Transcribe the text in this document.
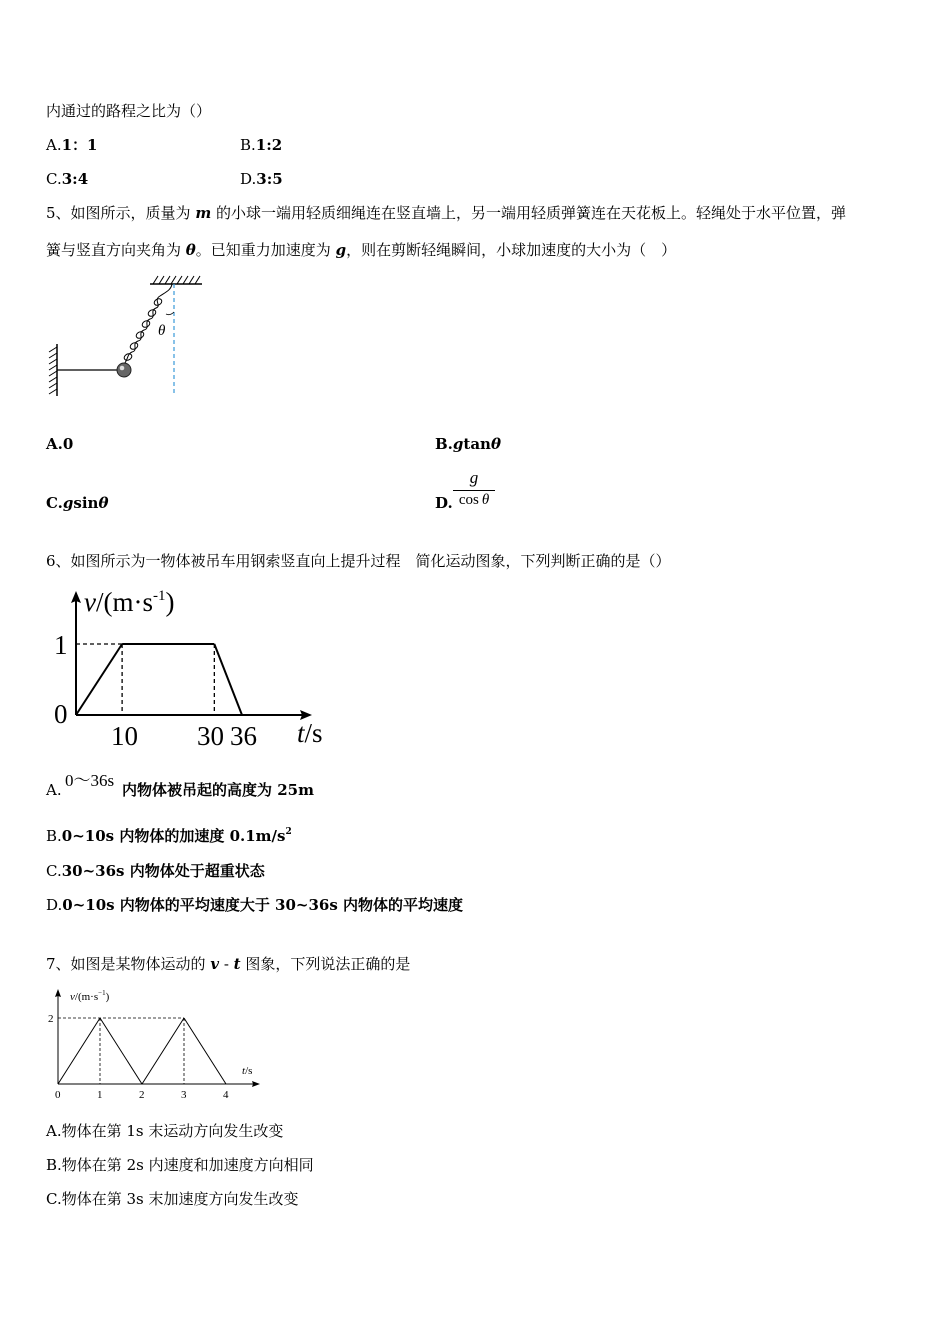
内通过的路程之比为（）
A.1：1	B.1:2
C.3:4	D.3:5
5、如图所示，质量为 m 的小球一端用轻质细绳连在竖直墙上，另一端用轻质弹簧连在天花板上。轻绳处于水平位置，弹
簧与竖直方向夹角为 θ。已知重力加速度为 g，则在剪断轻绳瞬间，小球加速度的大小为（　）
θ
A.0	B.gtanθ
C.gsinθ	D.
g
cos θ
6、如图所示为一物体被吊车用钢索竖直向上提升过程　简化运动图象，下列判断正确的是（）
$v/(m\cdot s^{-1})$
1
0
10 30 36 t/s
A. 0～36s 内物体被吊起的高度为 25m
B.0~10s 内物体的加速度 $0.1m/s^2$
C.30~36s 内物体处于超重状态
D.0~10s 内物体的平均速度大于 30~36s 内物体的平均速度
7、如图是某物体运动的 v - t 图象，下列说法正确的是
$v/(m\cdot s^{-1})$
2
0	1	2	3	4
t/s
A.物体在第 1s 末运动方向发生改变
B.物体在第 2s 内速度和加速度方向相同
C.物体在第 3s 末加速度方向发生改变
